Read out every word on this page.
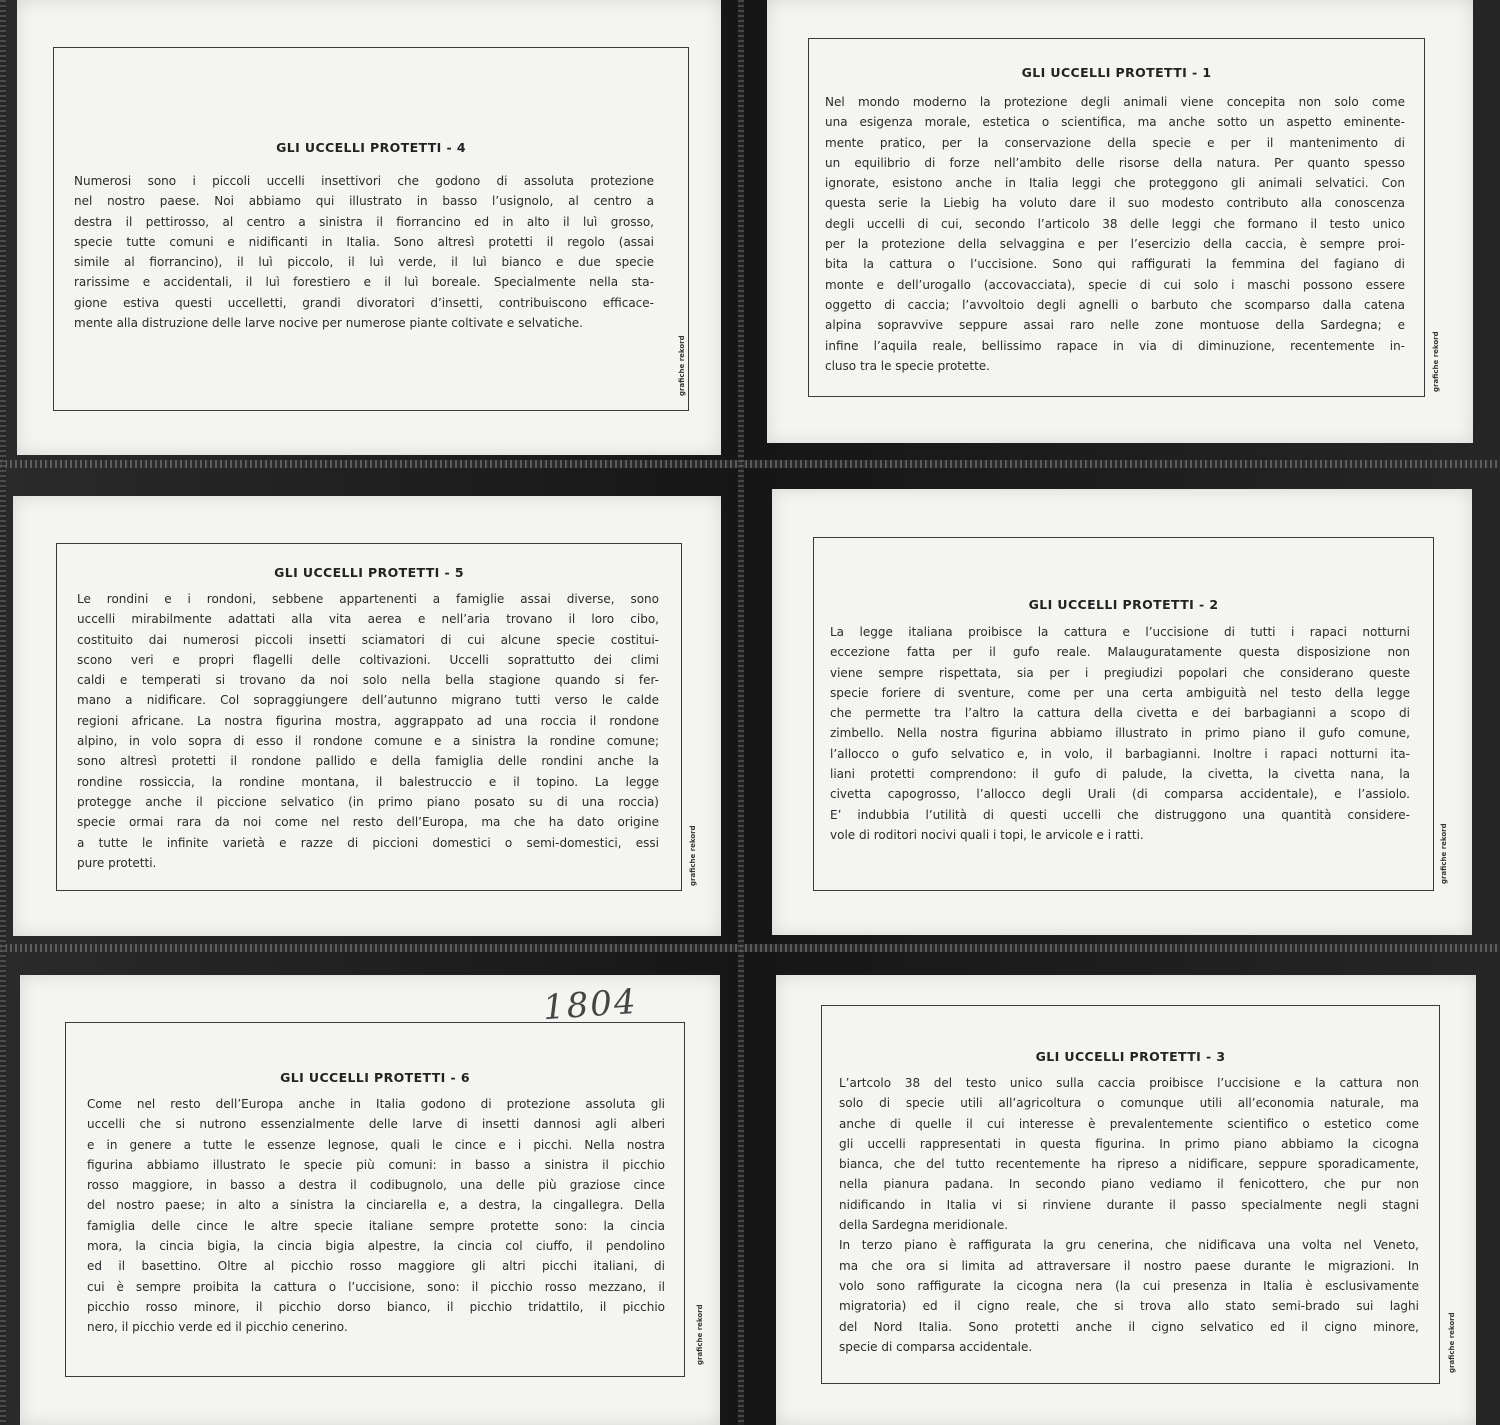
GLI UCCELLI PROTETTI - 4
Numerosi sono i piccoli uccelli insettivori che godono di assoluta protezione
nel nostro paese. Noi abbiamo qui illustrato in basso l’usignolo, al centro a
destra il pettirosso, al centro a sinistra il fiorrancino ed in alto il luì grosso,
specie tutte comuni e nidificanti in Italia. Sono altresì protetti il regolo (assai
simile al fiorrancino), il luì piccolo, il luì verde, il luì bianco e due specie
rarissime e accidentali, il luì forestiero e il luì boreale. Specialmente nella sta-
gione estiva questi uccelletti, grandi divoratori d’insetti, contribuiscono efficace-
mente alla distruzione delle larve nocive per numerose piante coltivate e selvatiche.
grafiche rekord
GLI UCCELLI PROTETTI - 1
Nel mondo moderno la protezione degli animali viene concepita non solo come
una esigenza morale, estetica o scientifica, ma anche sotto un aspetto eminente-
mente pratico, per la conservazione della specie e per il mantenimento di
un equilibrio di forze nell’ambito delle risorse della natura. Per quanto spesso
ignorate, esistono anche in Italia leggi che proteggono gli animali selvatici. Con
questa serie la Liebig ha voluto dare il suo modesto contributo alla conoscenza
degli uccelli di cui, secondo l’articolo 38 delle leggi che formano il testo unico
per la protezione della selvaggina e per l’esercizio della caccia, è sempre proi-
bita la cattura o l’uccisione. Sono qui raffigurati la femmina del fagiano di
monte e dell’urogallo (accovacciata), specie di cui solo i maschi possono essere
oggetto di caccia; l’avvoltoio degli agnelli o barbuto che scomparso dalla catena
alpina sopravvive seppure assai raro nelle zone montuose della Sardegna; e
infine l’aquila reale, bellissimo rapace in via di diminuzione, recentemente in-
cluso tra le specie protette.	grafiche rekord
GLI UCCELLI PROTETTI - 5
Le rondini e i rondoni, sebbene appartenenti a famiglie assai diverse, sono
uccelli mirabilmente adattati alla vita aerea e nell’aria trovano il loro cibo,
costituito dai numerosi piccoli insetti sciamatori di cui alcune specie costitui-
scono veri e propri flagelli delle coltivazioni. Uccelli soprattutto dei climi
caldi e temperati si trovano da noi solo nella bella stagione quando si fer-
mano a nidificare. Col sopraggiungere dell’autunno migrano tutti verso le calde
regioni africane. La nostra figurina mostra, aggrappato ad una roccia il rondone
alpino, in volo sopra di esso il rondone comune e a sinistra la rondine comune;
sono altresì protetti il rondone pallido e della famiglia delle rondini anche la
rondine rossiccia, la rondine montana, il balestruccio e il topino. La legge
protegge anche il piccione selvatico (in primo piano posato su di una roccia)
specie ormai rara da noi come nel resto dell’Europa, ma che ha dato origine
a tutte le infinite varietà e razze di piccioni domestici o semi-domestici, essi
pure protetti.	grafiche rekord
GLI UCCELLI PROTETTI - 2
La legge italiana proibisce la cattura e l’uccisione di tutti i rapaci notturni
eccezione fatta per il gufo reale. Malauguratamente questa disposizione non
viene sempre rispettata, sia per i pregiudizi popolari che considerano queste
specie foriere di sventure, come per una certa ambiguità nel testo della legge
che permette tra l’altro la cattura della civetta e dei barbagianni a scopo di
zimbello. Nella nostra figurina abbiamo illustrato in primo piano il gufo comune,
l’allocco o gufo selvatico e, in volo, il barbagianni. Inoltre i rapaci notturni ita-
liani protetti comprendono: il gufo di palude, la civetta, la civetta nana, la
civetta capogrosso, l’allocco degli Urali (di comparsa accidentale), e l’assiolo.
E’ indubbia l’utilità di questi uccelli che distruggono una quantità considere-
vole di roditori nocivi quali i topi, le arvicole e i ratti.	grafiche rekord
1804
GLI UCCELLI PROTETTI - 6
Come nel resto dell’Europa anche in Italia godono di protezione assoluta gli
uccelli che si nutrono essenzialmente delle larve di insetti dannosi agli alberi
e in genere a tutte le essenze legnose, quali le cince e i picchi. Nella nostra
figurina abbiamo illustrato le specie più comuni: in basso a sinistra il picchio
rosso maggiore, in basso a destra il codibugnolo, una delle più graziose cince
del nostro paese; in alto a sinistra la cinciarella e, a destra, la cingallegra. Della
famiglia delle cince le altre specie italiane sempre protette sono: la cincia
mora, la cincia bigia, la cincia bigia alpestre, la cincia col ciuffo, il pendolino
ed il basettino. Oltre al picchio rosso maggiore gli altri picchi italiani, di
cui è sempre proibita la cattura o l’uccisione, sono: il picchio rosso mezzano, il
picchio rosso minore, il picchio dorso bianco, il picchio tridattilo, il picchio
nero, il picchio verde ed il picchio cenerino.	grafiche rekord
GLI UCCELLI PROTETTI - 3
L’artcolo 38 del testo unico sulla caccia proibisce l’uccisione e la cattura non
solo di specie utili all’agricoltura o comunque utili all’economia naturale, ma
anche di quelle il cui interesse è prevalentemente scientifico o estetico come
gli uccelli rappresentati in questa figurina. In primo piano abbiamo la cicogna
bianca, che del tutto recentemente ha ripreso a nidificare, seppure sporadicamente,
nella pianura padana. In secondo piano vediamo il fenicottero, che pur non
nidificando in Italia vi si rinviene durante il passo specialmente negli stagni
della Sardegna meridionale.
In terzo piano è raffigurata la gru cenerina, che nidificava una volta nel Veneto,
ma che ora si limita ad attraversare il nostro paese durante le migrazioni. In
volo sono raffigurate la cicogna nera (la cui presenza in Italia è esclusivamente
migratoria) ed il cigno reale, che si trova allo stato semi-brado sui laghi
del Nord Italia. Sono protetti anche il cigno selvatico ed il cigno minore,
specie di comparsa accidentale.	grafiche rekord
